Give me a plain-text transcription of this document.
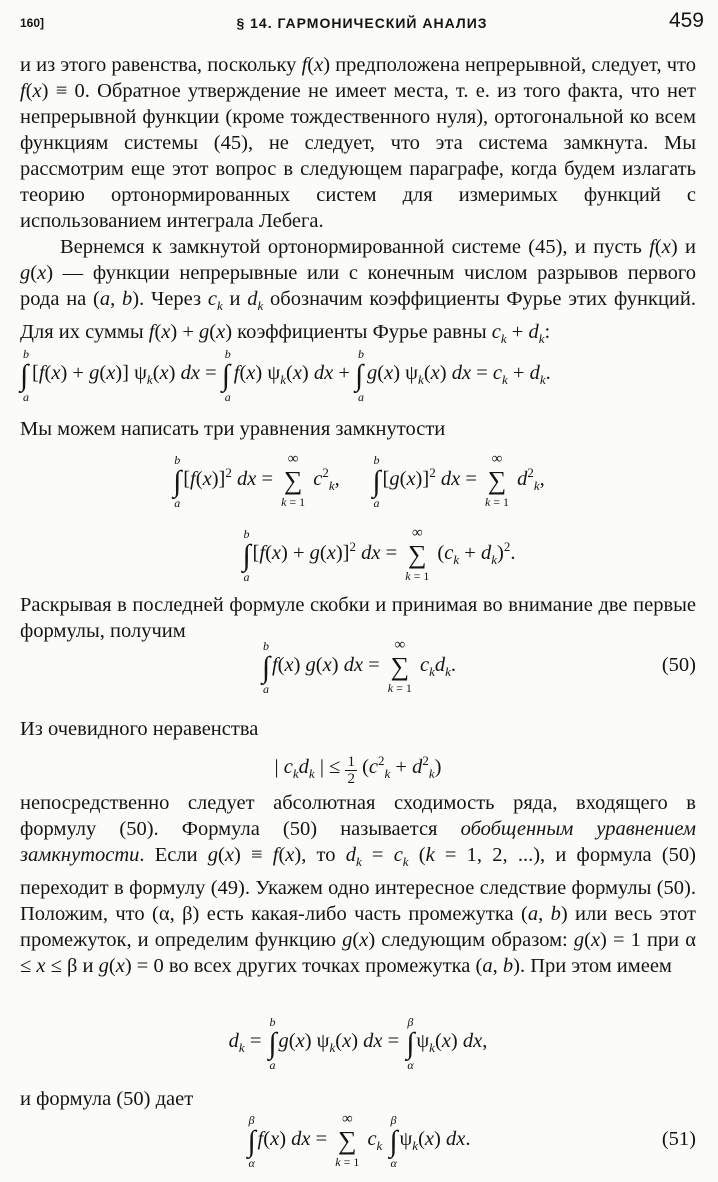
160]	§ 14. ГАРМОНИЧЕСКИЙ АНАЛИЗ	459

и из этого равенства, поскольку f(x) предположена непрерывной, следует, что f(x) ≡ 0. Обратное утверждение не имеет места, т. е. из того факта, что нет непрерывной функции (кроме тождественного нуля), ортогональной ко всем функциям системы (45), не следует, что эта система замкнута. Мы рассмотрим еще этот вопрос в следующем параграфе, когда будем излагать теорию ортонормированных систем для измеримых функций с использованием интеграла Лебега.

Вернемся к замкнутой ортонормированной системе (45), и пусть f(x) и g(x) — функции непрерывные или с конечным числом разрывов первого рода на (a, b). Через $c_k$ и $d_k$ обозначим коэффициенты Фурье этих функций. Для их суммы f(x) + g(x) коэффициенты Фурье равны $c_k + d_k$:

b
∫
a
[f(x) + g(x)] $\psi_k(x)$ dx =
b
∫
a
f(x) $\psi_k(x)$ dx +
b
∫
a
g(x) $\psi_k(x)$ dx = $c_k + d_k$.

Мы можем написать три уравнения замкнутости

b
∫
a
$[f(x)]^2$ dx =
∞
∑
k = 1
$c^2_k$,
b
∫
a
$[g(x)]^2$ dx =
∞
∑
k = 1
$d^2_k$,
b
∫
a
$[f(x) + g(x)]^2$ dx =
∞
∑
k = 1
$(c_k + d_k)^2$.

Раскрывая в последней формуле скобки и принимая во внимание две первые формулы, получим

b
∫
a
f(x) g(x) dx =
∞
∑
k = 1
$c_kd_k$.	(50)

Из очевидного неравенства

| $c_kd_k$ | ≤ $\frac{1}{2} (c^2_k + d^2_k)$

непосредственно следует абсолютная сходимость ряда, входящего в формулу (50). Формула (50) называется обобщенным уравнением замкнутости. Если g(x) ≡ f(x), то $d_k = c_k$ (k = 1, 2, ...), и формула (50) переходит в формулу (49). Укажем одно интересное следствие формулы (50). Положим, что (α, β) есть какая-либо часть промежутка (a, b) или весь этот промежуток, и определим функцию g(x) следующим образом: g(x) = 1 при α ≤ x ≤ β и g(x) = 0 во всех других точках промежутка (a, b). При этом имеем

$d_k$ =
b
∫
a
g(x) $\psi_k(x)$ dx =
β
∫
α
$\psi_k(x)$ dx,

и формула (50) дает

β
∫
α
f(x) dx =
∞
∑
k = 1
$c_k$
β
∫
α
$\psi_k(x)$ dx.	(51)
